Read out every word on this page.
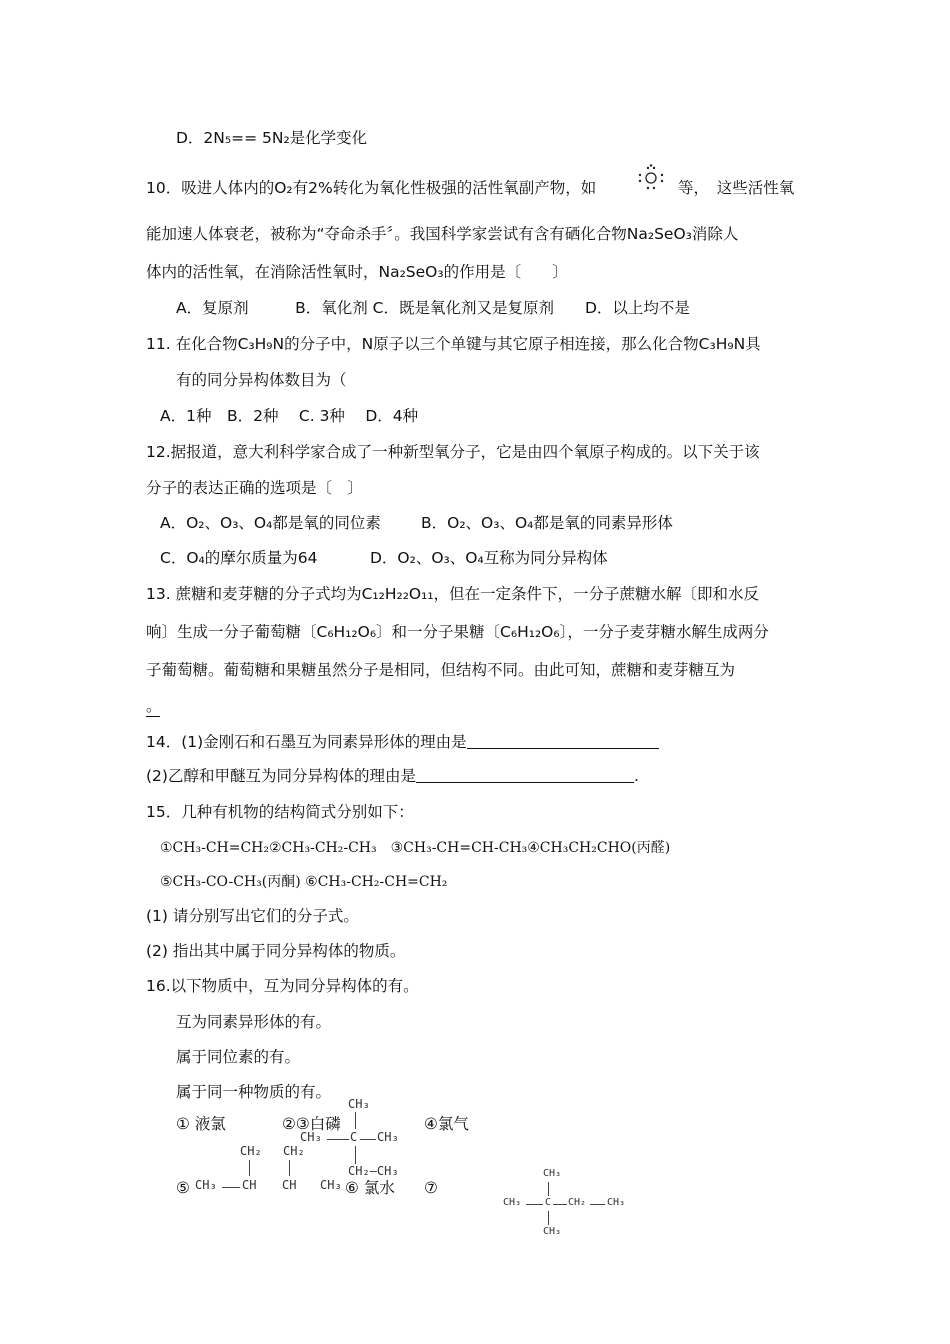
D．2N₅== 5N₂是化学变化
10．吸进人体内的O₂有2%转化为氧化性极强的活性氧副产物，如	等，　这些活性氧
能加速人体衰老，被称为“夺命杀手〞。我国科学家尝试有含有硒化合物Na₂SeO₃消除人
体内的活性氧，在消除活性氧时，Na₂SeO₃的作用是〔　　〕
A．复原剂　　　B．氧化剂 C．既是氧化剂又是复原剂　　D．以上均不是
11. 在化合物C₃H₉N的分子中，N原子以三个单键与其它原子相连接，那么化合物C₃H₉N具
有的同分异构体数目为（
A．1种　B．2种　 C. 3种　 D．4种
12.据报道，意大利科学家合成了一种新型氧分子，它是由四个氧原子构成的。以下关于该
分子的表达正确的选项是〔　〕
A．O₂、O₃、O₄都是氧的同位素	B．O₂、O₃、O₄都是氧的同素异形体
C．O₄的摩尔质量为64	D．O₂、O₃、O₄互称为同分异构体
13. 蔗糖和麦芽糖的分子式均为C₁₂H₂₂O₁₁，但在一定条件下，一分子蔗糖水解〔即和水反
响〕生成一分子葡萄糖〔C₆H₁₂O₆〕和一分子果糖〔C₆H₁₂O₆〕，一分子麦芽糖水解生成两分
子葡萄糖。葡萄糖和果糖虽然分子是相同，但结构不同。由此可知，蔗糖和麦芽糖互为
。
14．(1)金刚石和石墨互为同素异形体的理由是
(2)乙醇和甲醚互为同分异构体的理由是	.
15．几种有机物的结构简式分别如下：
①CH₃-CH=CH₂②CH₃-CH₂-CH₃　③CH₃-CH=CH-CH₃④CH₃CH₂CHO(丙醛)
⑤CH₃-CO-CH₃(丙酮) ⑥CH₃-CH₂-CH=CH₂
(1) 请分别写出它们的分子式。
(2) 指出其中属于同分异构体的物质。
16.以下物质中，互为同分异构体的有。
互为同素异形体的有。
属于同位素的有。
属于同一种物质的有。
① 液氯	②③白磷	④氯气
⑤	⑥ 氯水 ⑦
CH₃
CH₃ C CH₃
CH₂—CH₃
CH₂ CH₂
CH₃ CH CH CH₃
CH₃
CH₃ C CH₂ CH₃
CH₃
